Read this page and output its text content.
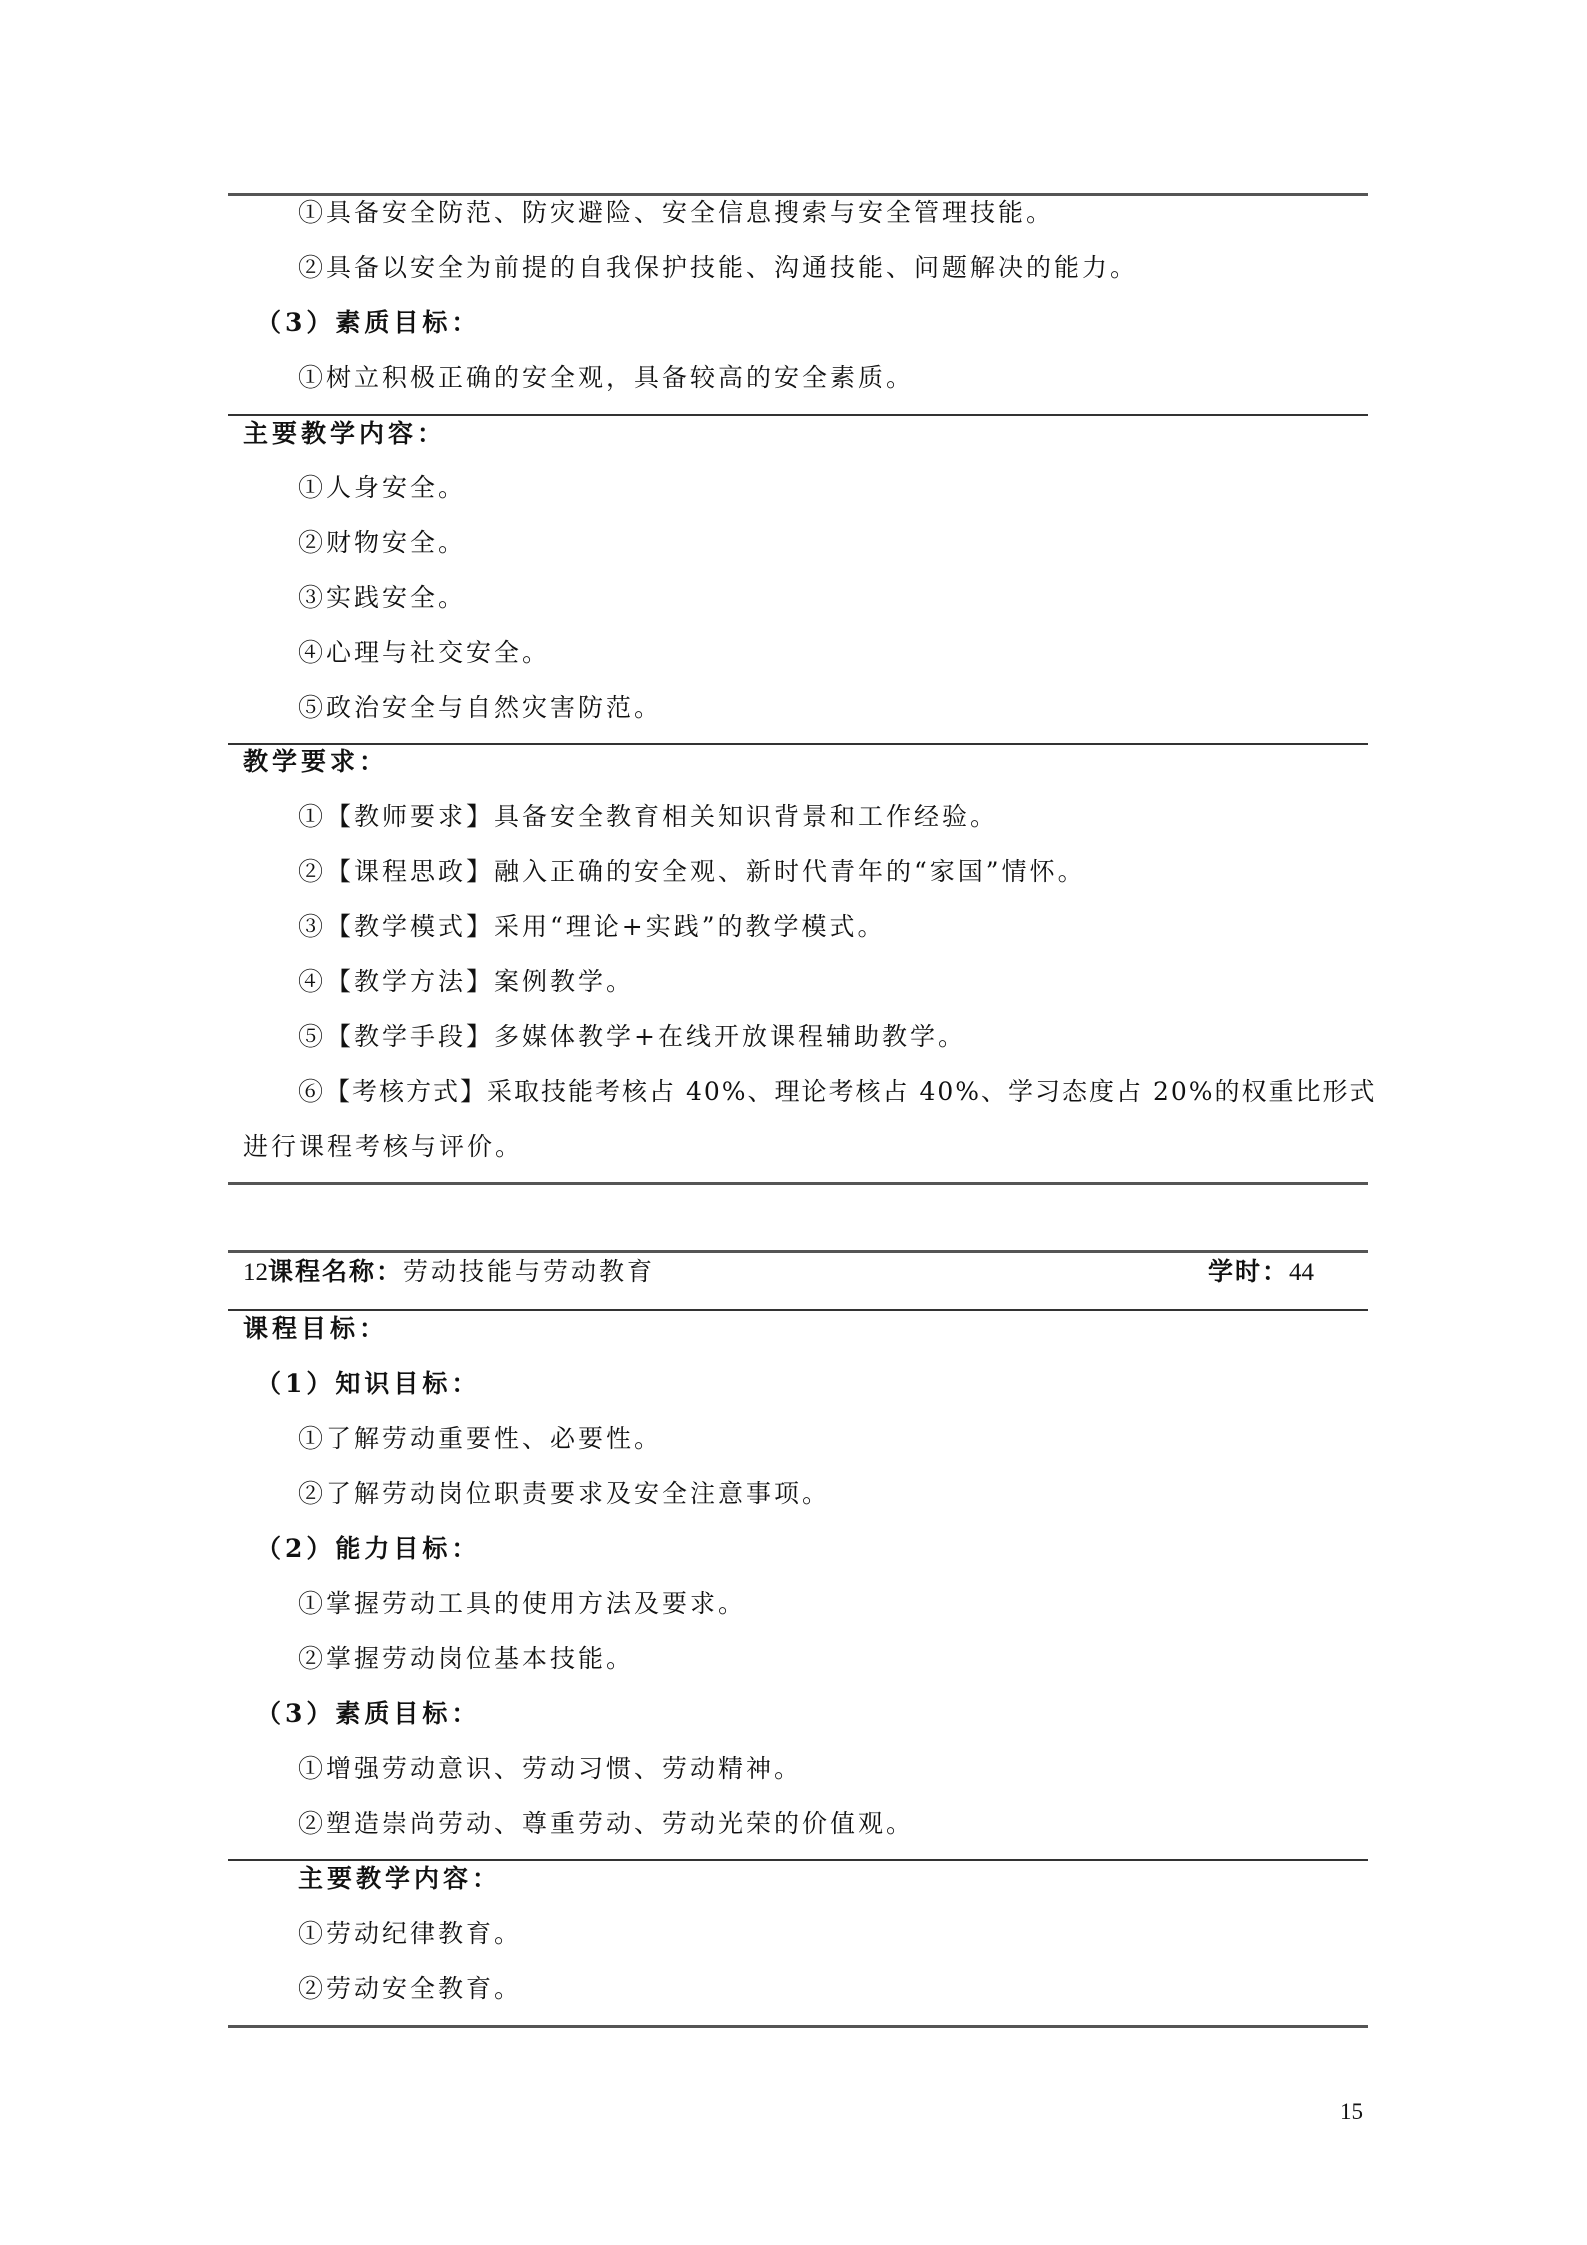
①具备安全防范、防灾避险、安全信息搜索与安全管理技能。
②具备以安全为前提的自我保护技能、沟通技能、问题解决的能力。
（3）素质目标：
①树立积极正确的安全观，具备较高的安全素质。
主要教学内容：
①人身安全。
②财物安全。
③实践安全。
④心理与社交安全。
⑤政治安全与自然灾害防范。
教学要求：
①【教师要求】具备安全教育相关知识背景和工作经验。
②【课程思政】融入正确的安全观、新时代青年的“家国”情怀。
③【教学模式】采用“理论+实践”的教学模式。
④【教学方法】案例教学。
⑤【教学手段】多媒体教学+在线开放课程辅助教学。
⑥【考核方式】采取技能考核占 40%、理论考核占 40%、学习态度占 20%的权重比形式
进行课程考核与评价。
12课程名称：劳动技能与劳动教育	学时：44
课程目标：
（1）知识目标：
①了解劳动重要性、必要性。
②了解劳动岗位职责要求及安全注意事项。
（2）能力目标：
①掌握劳动工具的使用方法及要求。
②掌握劳动岗位基本技能。
（3）素质目标：
①增强劳动意识、劳动习惯、劳动精神。
②塑造崇尚劳动、尊重劳动、劳动光荣的价值观。
主要教学内容：
①劳动纪律教育。
②劳动安全教育。
15
